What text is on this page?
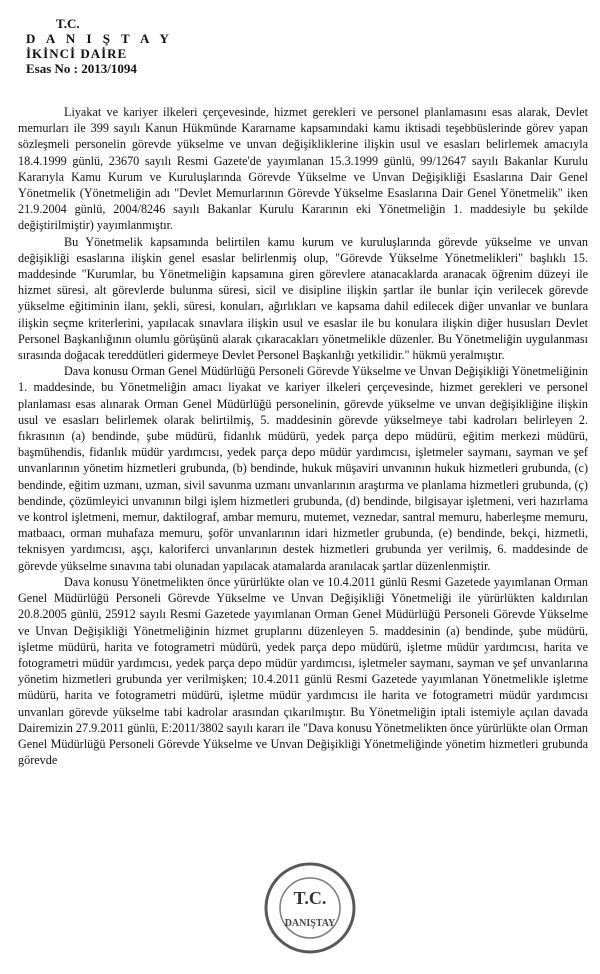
T.C.
D A N I Ş T A Y
İKİNCİ DAİRE
Esas No : 2013/1094

Liyakat ve kariyer ilkeleri çerçevesinde, hizmet gerekleri ve personel planlamasını esas alarak, Devlet memurları ile 399 sayılı Kanun Hükmünde Kararname kapsamındaki kamu iktisadi teşebbüslerinde görev yapan sözleşmeli personelin görevde yükselme ve unvan değişikliklerine ilişkin usul ve esasları belirlemek amacıyla 18.4.1999 günlü, 23670 sayılı Resmi Gazete'de yayımlanan 15.3.1999 günlü, 99/12647 sayılı Bakanlar Kurulu Kararıyla Kamu Kurum ve Kuruluşlarında Görevde Yükselme ve Unvan Değişikliği Esaslarına Dair Genel Yönetmelik (Yönetmeliğin adı "Devlet Memurlarının Görevde Yükselme Esaslarına Dair Genel Yönetmelik" iken 21.9.2004 günlü, 2004/8246 sayılı Bakanlar Kurulu Kararının eki Yönetmeliğin 1. maddesiyle bu şekilde değiştirilmiştir) yayımlanmıştır.

Bu Yönetmelik kapsamında belirtilen kamu kurum ve kuruluşlarında görevde yükselme ve unvan değişikliği esaslarına ilişkin genel esaslar belirlenmiş olup, "Görevde Yükselme Yönetmelikleri" başlıklı 15. maddesinde "Kurumlar, bu Yönetmeliğin kapsamına giren görevlere atanacaklarda aranacak öğrenim düzeyi ile hizmet süresi, alt görevlerde bulunma süresi, sicil ve disipline ilişkin şartlar ile bunlar için verilecek görevde yükselme eğitiminin ilanı, şekli, süresi, konuları, ağırlıkları ve kapsama dahil edilecek diğer unvanlar ve bunlara ilişkin seçme kriterlerini, yapılacak sınavlara ilişkin usul ve esaslar ile bu konulara ilişkin diğer hususları Devlet Personel Başkanlığının olumlu görüşünü alarak çıkaracakları yönetmelikle düzenler. Bu Yönetmeliğin uygulanması sırasında doğacak tereddütleri gidermeye Devlet Personel Başkanlığı yetkilidir." hükmü yeralmıştır.

Dava konusu Orman Genel Müdürlüğü Personeli Görevde Yükselme ve Unvan Değişikliği Yönetmeliğinin 1. maddesinde, bu Yönetmeliğin amacı liyakat ve kariyer ilkeleri çerçevesinde, hizmet gerekleri ve personel planlaması esas alınarak Orman Genel Müdürlüğü personelinin, görevde yükselme ve unvan değişikliğine ilişkin usul ve esasları belirlemek olarak belirtilmiş, 5. maddesinin görevde yükselmeye tabi kadroları belirleyen 2. fıkrasının (a) bendinde, şube müdürü, fidanlık müdürü, yedek parça depo müdürü, eğitim merkezi müdürü, başmühendis, fidanlık müdür yardımcısı, yedek parça depo müdür yardımcısı, işletmeler saymanı, sayman ve şef unvanlarının yönetim hizmetleri grubunda, (b) bendinde, hukuk müşaviri unvanının hukuk hizmetleri grubunda, (c) bendinde, eğitim uzmanı, uzman, sivil savunma uzmanı unvanlarının araştırma ve planlama hizmetleri grubunda, (ç) bendinde, çözümleyici unvanının bilgi işlem hizmetleri grubunda, (d) bendinde, bilgisayar işletmeni, veri hazırlama ve kontrol işletmeni, memur, daktilograf, ambar memuru, mutemet, veznedar, santral memuru, haberleşme memuru, matbaacı, orman muhafaza memuru, şoför unvanlarının idari hizmetler grubunda, (e) bendinde, bekçi, hizmetli, teknisyen yardımcısı, aşçı, kaloriferci unvanlarının destek hizmetleri grubunda yer verilmiş, 6. maddesinde de görevde yükselme sınavına tabi olunadan yapılacak atamalarda aranılacak şartlar düzenlenmiştir.

Dava konusu Yönetmelikten önce yürürlükte olan ve 10.4.2011 günlü Resmi Gazetede yayımlanan Orman Genel Müdürlüğü Personeli Görevde Yükselme ve Unvan Değişikliği Yönetmeliği ile yürürlükten kaldırılan 20.8.2005 günlü, 25912 sayılı Resmi Gazetede yayımlanan Orman Genel Müdürlüğü Personeli Görevde Yükselme ve Unvan Değişikliği Yönetmeliğinin hizmet gruplarını düzenleyen 5. maddesinin (a) bendinde, şube müdürü, işletme müdürü, harita ve fotogrametri müdürü, yedek parça depo müdürü, işletme müdür yardımcısı, harita ve fotogrametri müdür yardımcısı, yedek parça depo müdür yardımcısı, işletmeler saymanı, sayman ve şef unvanlarına yönetim hizmetleri grubunda yer verilmişken; 10.4.2011 günlü Resmi Gazetede yayımlanan Yönetmelikle işletme müdürü, harita ve fotogrametri müdürü, işletme müdür yardımcısı ile harita ve fotogrametri müdür yardımcısı unvanları görevde yükselme tabi kadrolar arasından çıkarılmıştır. Bu Yönetmeliğin iptali istemiyle açılan davada Dairemizin 27.9.2011 günlü, E:2011/3802 sayılı kararı ile "Dava konusu Yönetmelikten önce yürürlükte olan Orman Genel Müdürlüğü Personeli Görevde Yükselme ve Unvan Değişikliği Yönetmeliğinde yönetim hizmetleri grubunda görevde

T.C.
DANIŞTAY
